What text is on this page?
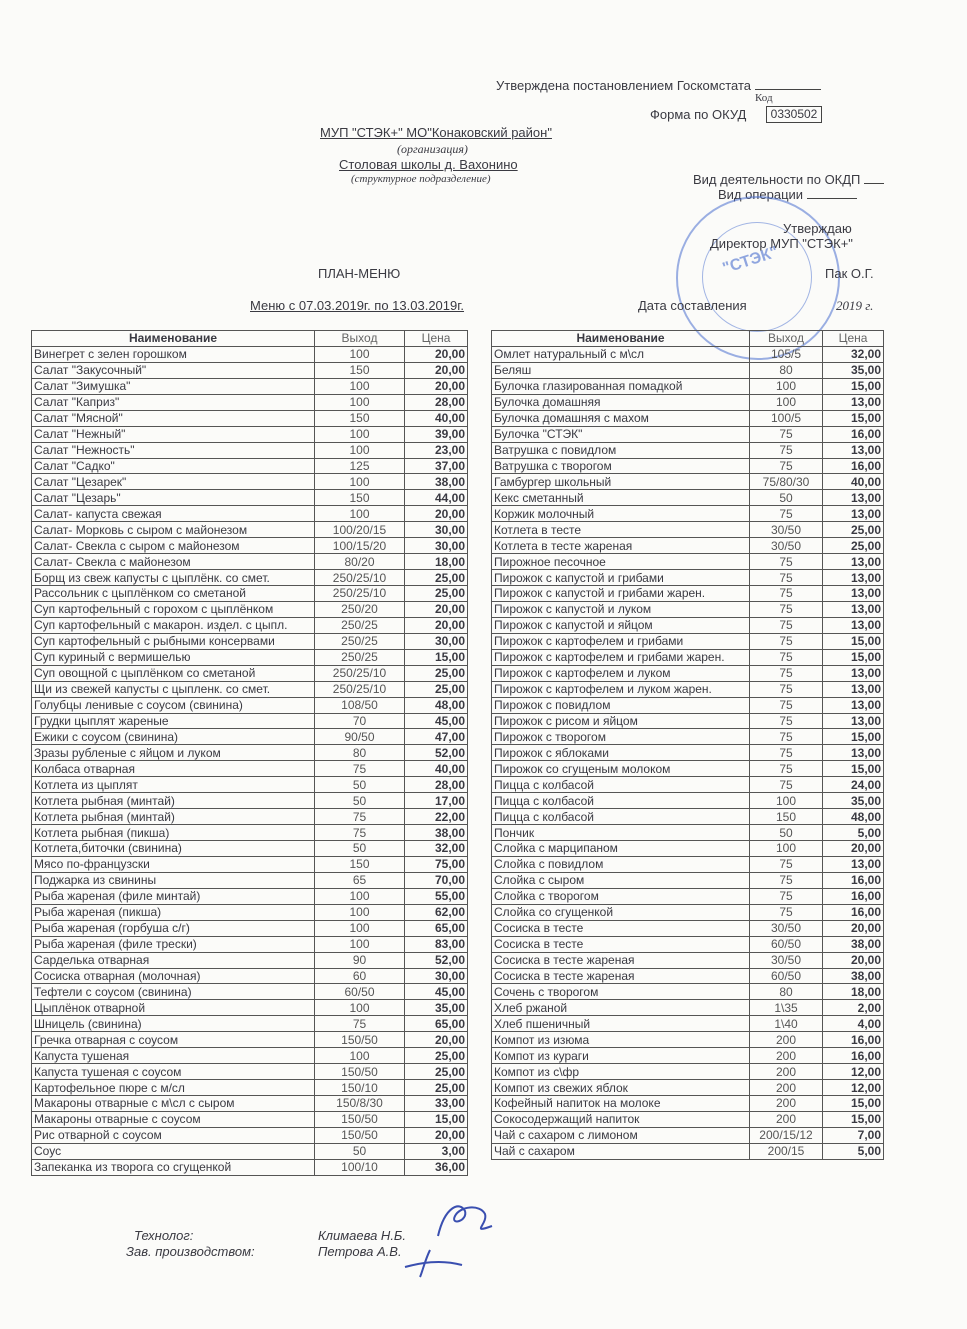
Утверждена постановлением Госкомстата
Код
Форма по ОКУД	0330502
МУП "СТЭК+" МО"Конаковский район"
(организация)
Столовая школы д. Вахонино
(структурное подразделение)	Вид деятельности по ОКДП
Вид операции
"СТЭК"
Утверждаю
Директор МУП "СТЭК+"
Пак О.Г.
ПЛАН-МЕНЮ
Меню с 07.03.2019г. по 13.03.2019г.	Дата составления	2019 г.
Наименование	Выход	Цена
Винегрет с зелен горошком	100	20,00
Салат "Закусочный"	150	20,00
Салат "Зимушка"	100	20,00
Салат "Каприз"	100	28,00
Салат "Мясной"	150	40,00
Салат "Нежный"	100	39,00
Салат "Нежность"	100	23,00
Салат "Садко"	125	37,00
Салат "Цезарек"	100	38,00
Салат "Цезарь"	150	44,00
Салат- капуста свежая	100	20,00
Салат- Морковь с сыром с майонезом	100/20/15	30,00
Салат- Свекла с сыром с майонезом	100/15/20	30,00
Салат- Свекла с майонезом	80/20	18,00
Борщ из свеж капусты с цыплёнк. со смет.	250/25/10	25,00
Рассольник с цыплёнком со сметаной	250/25/10	25,00
Суп картофельный с горохом с цыплёнком	250/20	20,00
Суп картофельный с макарон. издел. с цыпл.	250/25	20,00
Суп картофельный с рыбными консервами	250/25	30,00
Суп куриный с вермишелью	250/25	15,00
Суп овощной с цыплёнком со сметаной	250/25/10	25,00
Щи из свежей капусты с цыпленк. со смет.	250/25/10	25,00
Голубцы ленивые с соусом (свинина)	108/50	48,00
Грудки цыплят жареные	70	45,00
Ежики с соусом (свинина)	90/50	47,00
Зразы рубленые с яйцом и луком	80	52,00
Колбаса отварная	75	40,00
Котлета из цыплят	50	28,00
Котлета рыбная (минтай)	50	17,00
Котлета рыбная (минтай)	75	22,00
Котлета рыбная (пикша)	75	38,00
Котлета,биточки (свинина)	50	32,00
Мясо по-французски	150	75,00
Поджарка из свинины	65	70,00
Рыба жареная (филе минтай)	100	55,00
Рыба жареная (пикша)	100	62,00
Рыба жареная (горбуша с/г)	100	65,00
Рыба жареная (филе трески)	100	83,00
Сарделька отварная	90	52,00
Сосиска отварная (молочная)	60	30,00
Тефтели с соусом (свинина)	60/50	45,00
Цыплёнок отварной	100	35,00
Шницель (свинина)	75	65,00
Гречка отварная с соусом	150/50	20,00
Капуста тушеная	100	25,00
Капуста тушеная с соусом	150/50	25,00
Картофельное пюре с м/сл	150/10	25,00
Макароны отварные с м\сл с сыром	150/8/30	33,00
Макароны отварные с соусом	150/50	15,00
Рис отварной с соусом	150/50	20,00
Соус	50	3,00
Запеканка из творога со сгущенкой	100/10	36,00
Наименование	Выход	Цена
Омлет натуральный с м\сл	105/5	32,00
Беляш	80	35,00
Булочка глазированная помадкой	100	15,00
Булочка домашняя	100	13,00
Булочка домашняя с махом	100/5	15,00
Булочка "СТЭК"	75	16,00
Ватрушка с повидлом	75	13,00
Ватрушка с творогом	75	16,00
Гамбургер школьный	75/80/30	40,00
Кекс сметанный	50	13,00
Коржик молочный	75	13,00
Котлета в тесте	30/50	25,00
Котлета в тесте жареная	30/50	25,00
Пирожное песочное	75	13,00
Пирожок с капустой и грибами	75	13,00
Пирожок с капустой и грибами жарен.	75	13,00
Пирожок с капустой и луком	75	13,00
Пирожок с капустой и яйцом	75	13,00
Пирожок с картофелем и грибами	75	15,00
Пирожок с картофелем и грибами жарен.	75	15,00
Пирожок с картофелем и луком	75	13,00
Пирожок с картофелем и луком жарен.	75	13,00
Пирожок с повидлом	75	13,00
Пирожок с рисом и яйцом	75	13,00
Пирожок с творогом	75	15,00
Пирожок с яблоками	75	13,00
Пирожок со сгущеным молоком	75	15,00
Пицца с колбасой	75	24,00
Пицца с колбасой	100	35,00
Пицца с колбасой	150	48,00
Пончик	50	5,00
Слойка с марципаном	100	20,00
Слойка с повидлом	75	13,00
Слойка с сыром	75	16,00
Слойка с творогом	75	16,00
Слойка со сгущенкой	75	16,00
Сосиска в тесте	30/50	20,00
Сосиска в тесте	60/50	38,00
Сосиска в тесте жареная	30/50	20,00
Сосиска в тесте жареная	60/50	38,00
Сочень с творогом	80	18,00
Хлеб ржаной	1\35	2,00
Хлеб пшеничный	1\40	4,00
Компот из изюма	200	16,00
Компот из кураги	200	16,00
Компот из с\фр	200	12,00
Компот из свежих яблок	200	12,00
Кофейный напиток на молоке	200	15,00
Сокосодержащий напиток	200	15,00
Чай с сахаром с лимоном	200/15/12	7,00
Чай с сахаром	200/15	5,00
Технолог:	Климаева Н.Б.
Зав. производством:	Петрова А.В.
